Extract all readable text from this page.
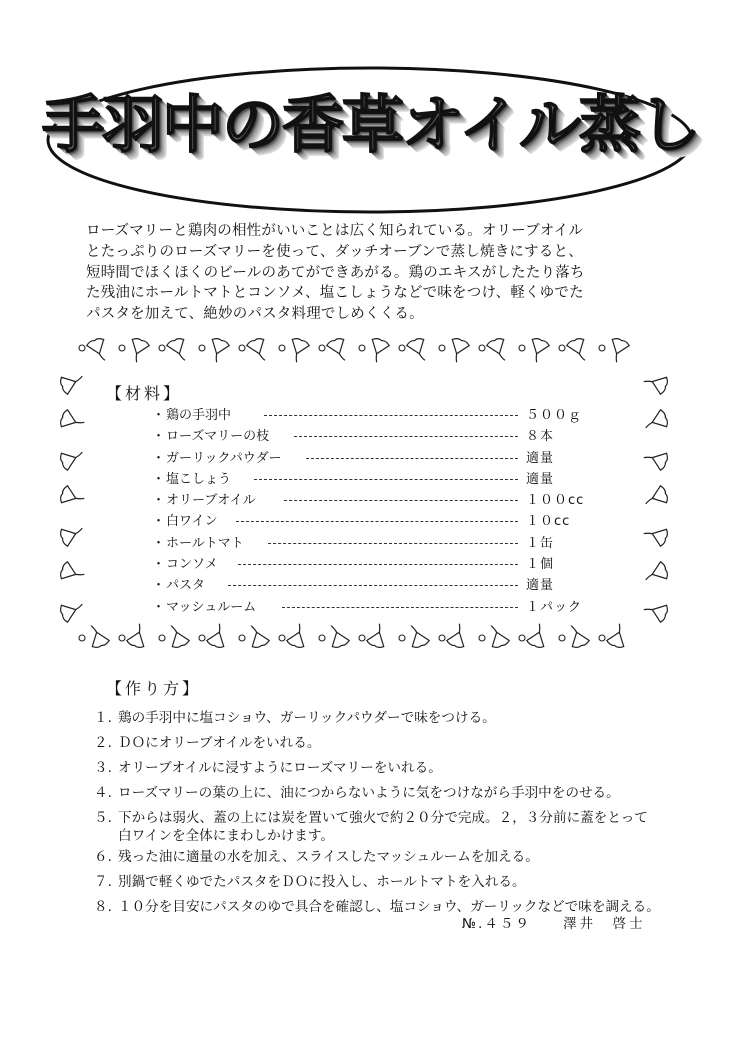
手羽中の香草オイル蒸し
ローズマリーと鶏肉の相性がいいことは広く知られている。オリーブオイル
とたっぷりのローズマリーを使って、ダッチオーブンで蒸し焼きにすると、
短時間でほくほくのビールのあてができあがる。鶏のエキスがしたたり落ち
た残油にホールトマトとコンソメ、塩こしょうなどで味をつけ、軽くゆでた
パスタを加えて、絶妙のパスタ料理でしめくくる。
【材料】
・ 鶏の手羽中	５００ｇ
・ ローズマリーの枝	８本
・ ガーリックパウダー	適量
・ 塩こしょう	適量
・ オリーブオイル	１００cc
・ 白ワイン	１０cc
・ ホールトマト	１缶
・ コンソメ	１個
・ パスタ	適量
・ マッシュルーム	１パック
【作り方】
１. 鶏の手羽中に塩コショウ、ガーリックパウダーで味をつける。
２. ＤＯにオリーブオイルをいれる。
３. オリーブオイルに浸すようにローズマリーをいれる。
４. ローズマリーの葉の上に、油につからないように気をつけながら手羽中をのせる。
５. 下からは弱火、蓋の上には炭を置いて強火で約２０分で完成。２，３分前に蓋をとって
白ワインを全体にまわしかけます。
６. 残った油に適量の水を加え、スライスしたマッシュルームを加える。
７. 別鍋で軽くゆでたパスタをＤＯに投入し、ホールトマトを入れる。
８. １０分を目安にパスタのゆで具合を確認し、塩コショウ、ガーリックなどで味を調える。
№.４５９ 澤井　啓士
